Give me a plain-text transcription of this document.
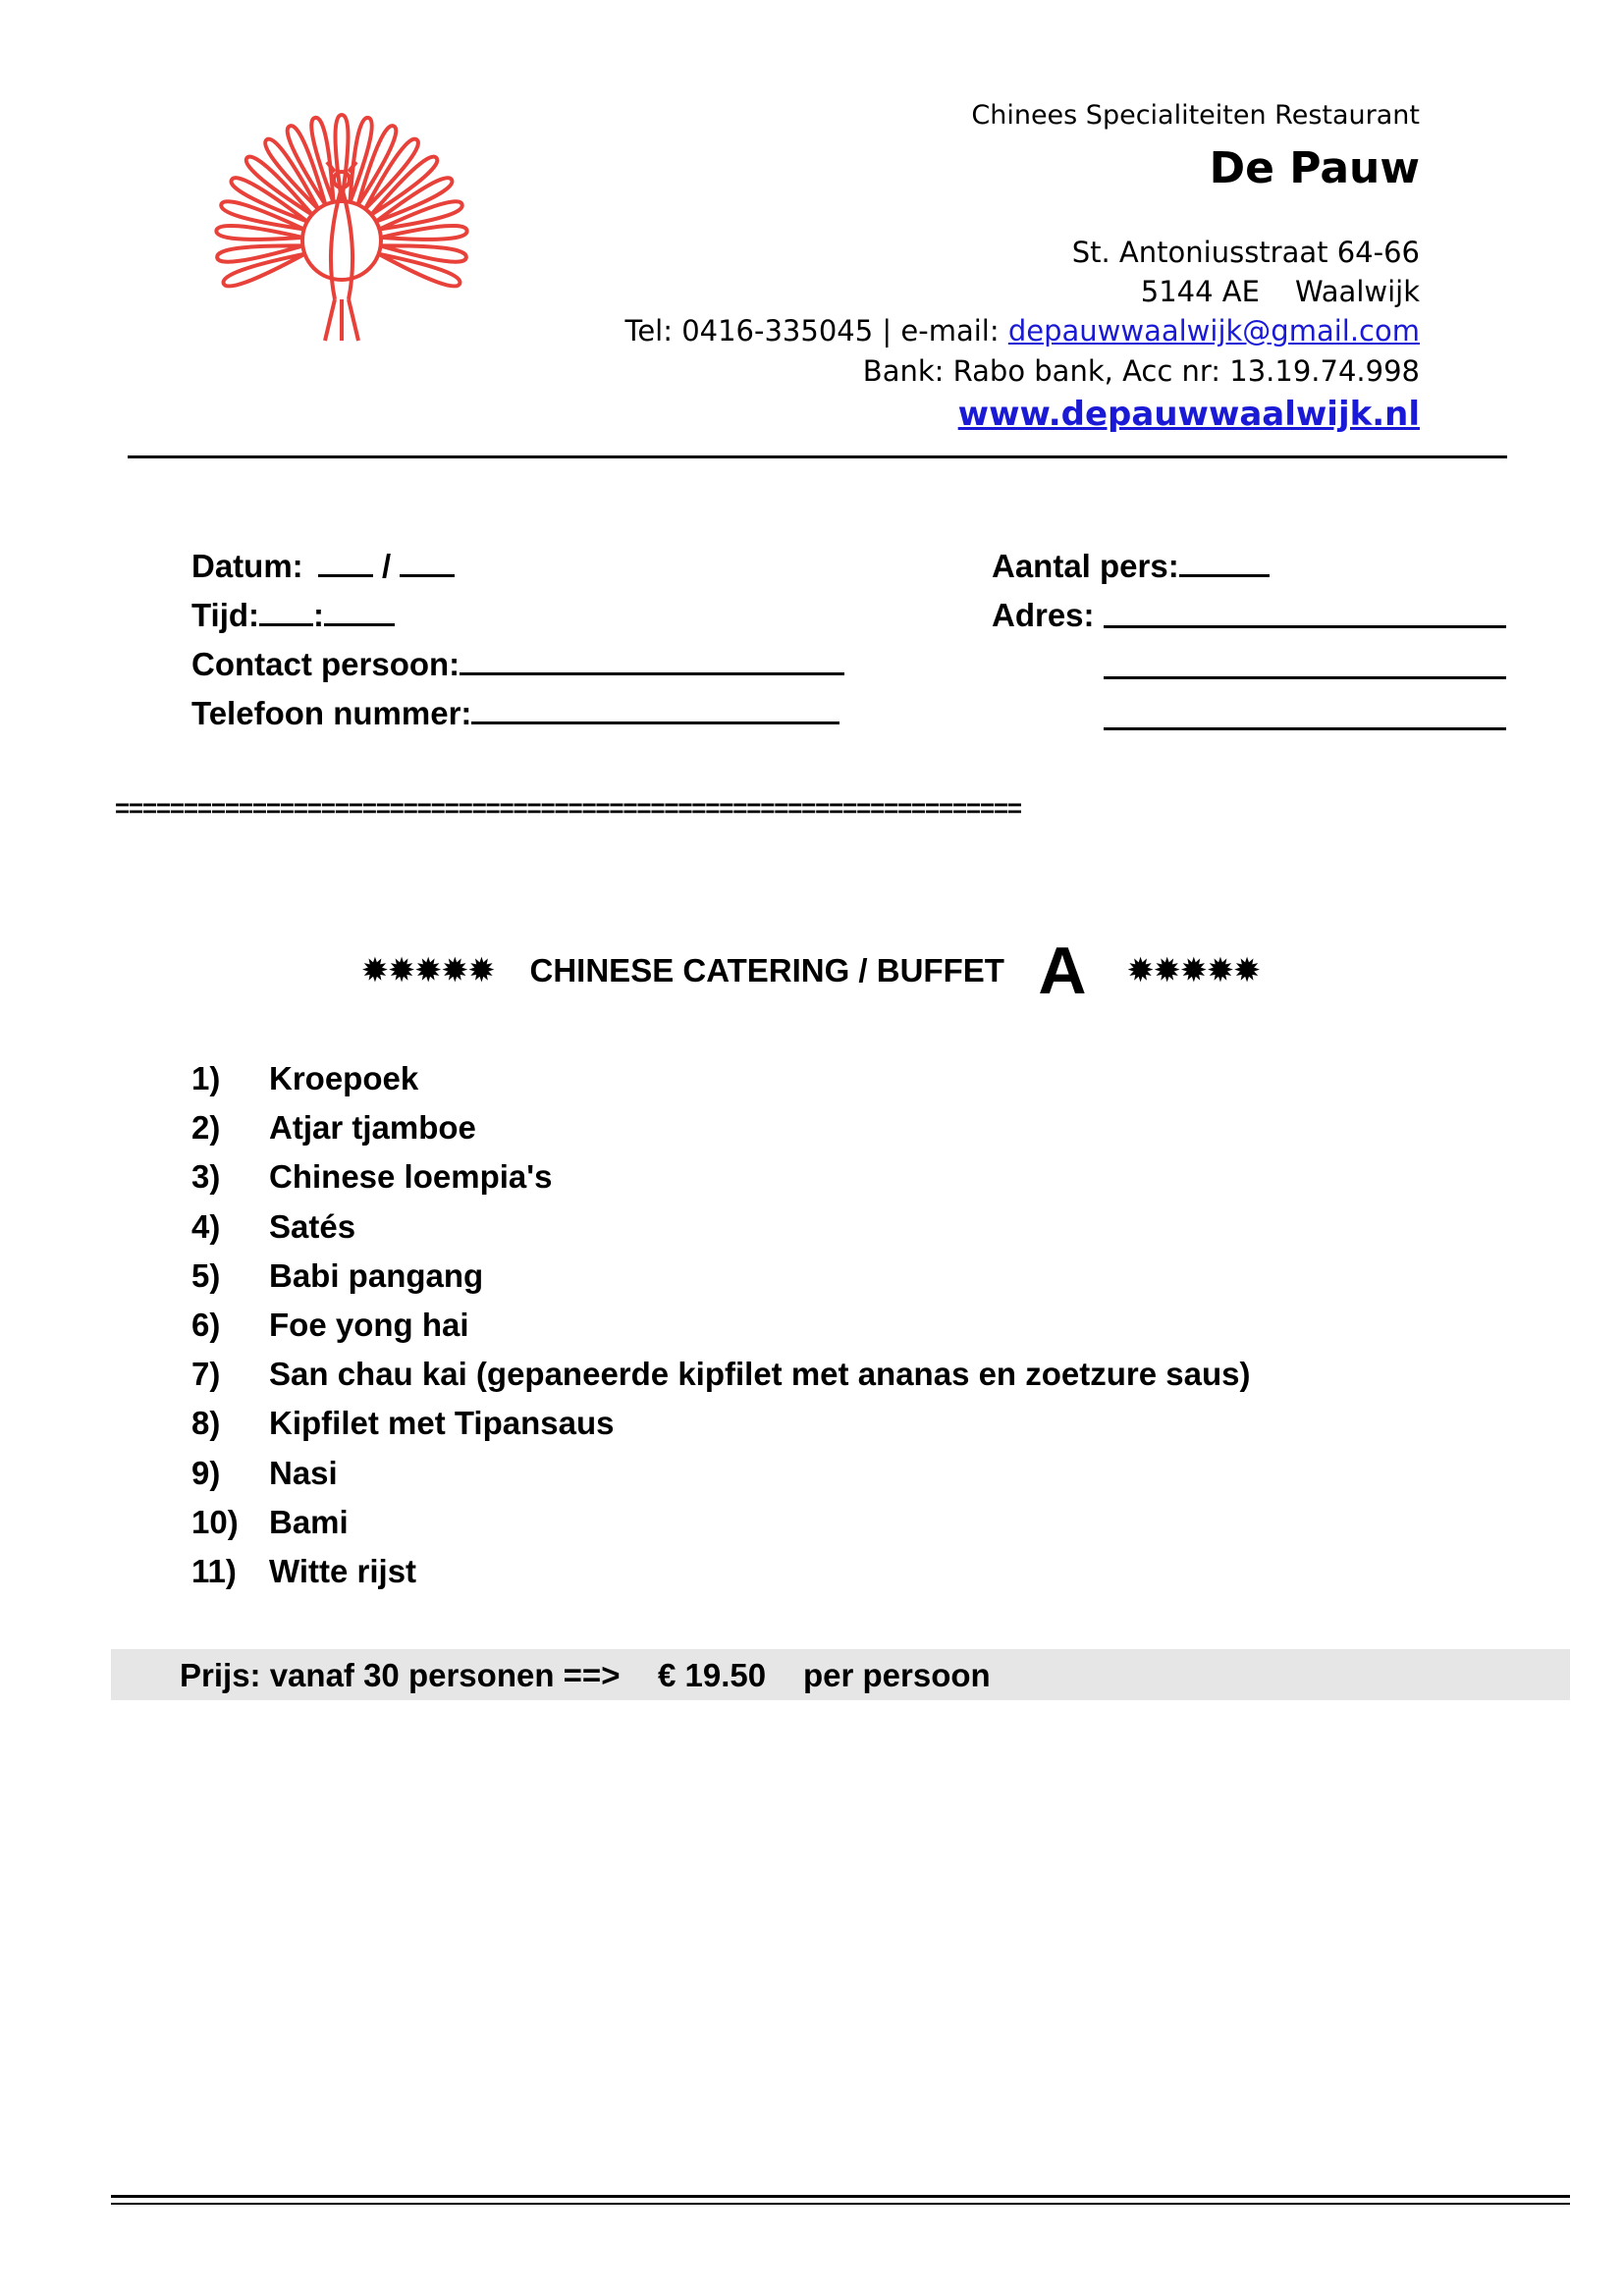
Chinees Specialiteiten Restaurant
De Pauw
St. Antoniusstraat 64-66
5144 AE Waalwijk
Tel: 0416-335045 | e-mail: depauwwaalwijk@gmail.com
Bank: Rabo bank, Acc nr: 13.19.74.998
www.depauwwaalwijk.nl
Datum:  /
Tijd: :
Contact persoon:
Telefoon nummer:
Aantal pers:
Adres:
==================================================================
✹✹✹✹✹ CHINESE CATERING / BUFFET A ✹✹✹✹✹
1) Kroepoek
2) Atjar tjamboe
3) Chinese loempia's
4) Satés
5) Babi pangang
6) Foe yong hai
7) San chau kai (gepaneerde kipfilet met ananas en zoetzure saus)
8) Kipfilet met Tipansaus
9) Nasi
10) Bami
11) Witte rijst
Prijs: vanaf 30 personen ==> € 19.50 per persoon
